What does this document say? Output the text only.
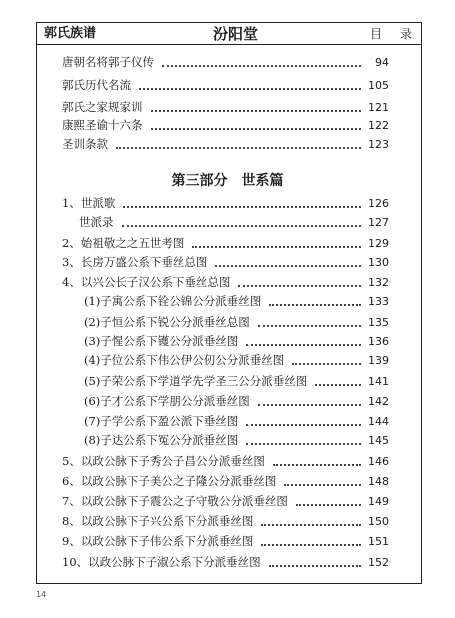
郭氏族谱	汾阳堂	目录
唐朝名将郭子仪传	94
郭氏历代名流	105
郭氏之家规家训	121
康熙圣谕十六条	122
圣训条款	123
第三部分　世系篇
1、世派歌	126
世派录	127
2、始祖敬之之五世考图	129
3、长房万盛公系下垂丝总图	130
4、以兴公长子汉公系下垂丝总图	132
(1)子寓公系下铨公锦公分派垂丝图	133
(2)子恒公系下锐公分派垂丝总图	135
(3)子惺公系下镬公分派垂丝图	136
(4)子位公系下伟公伊公仞公分派垂丝图	139
(5)子荣公系下学道学先学圣三公分派垂丝图	141
(6)子才公系下学朋公分派垂丝图	142
(7)子学公系下盈公派下垂丝图	144
(8)子达公系下冤公分派垂丝图	145
5、以政公脉下子秀公子昌公分派垂丝图	146
6、以政公脉下子美公之子隆公分派垂丝图	148
7、以政公脉下子震公之子守敬公分派垂丝图	149
8、以政公脉下子兴公系下分派垂丝图	150
9、以政公脉下子伟公系下分派垂丝图	151
10、以政公脉下子淑公系下分派垂丝图	152
14
